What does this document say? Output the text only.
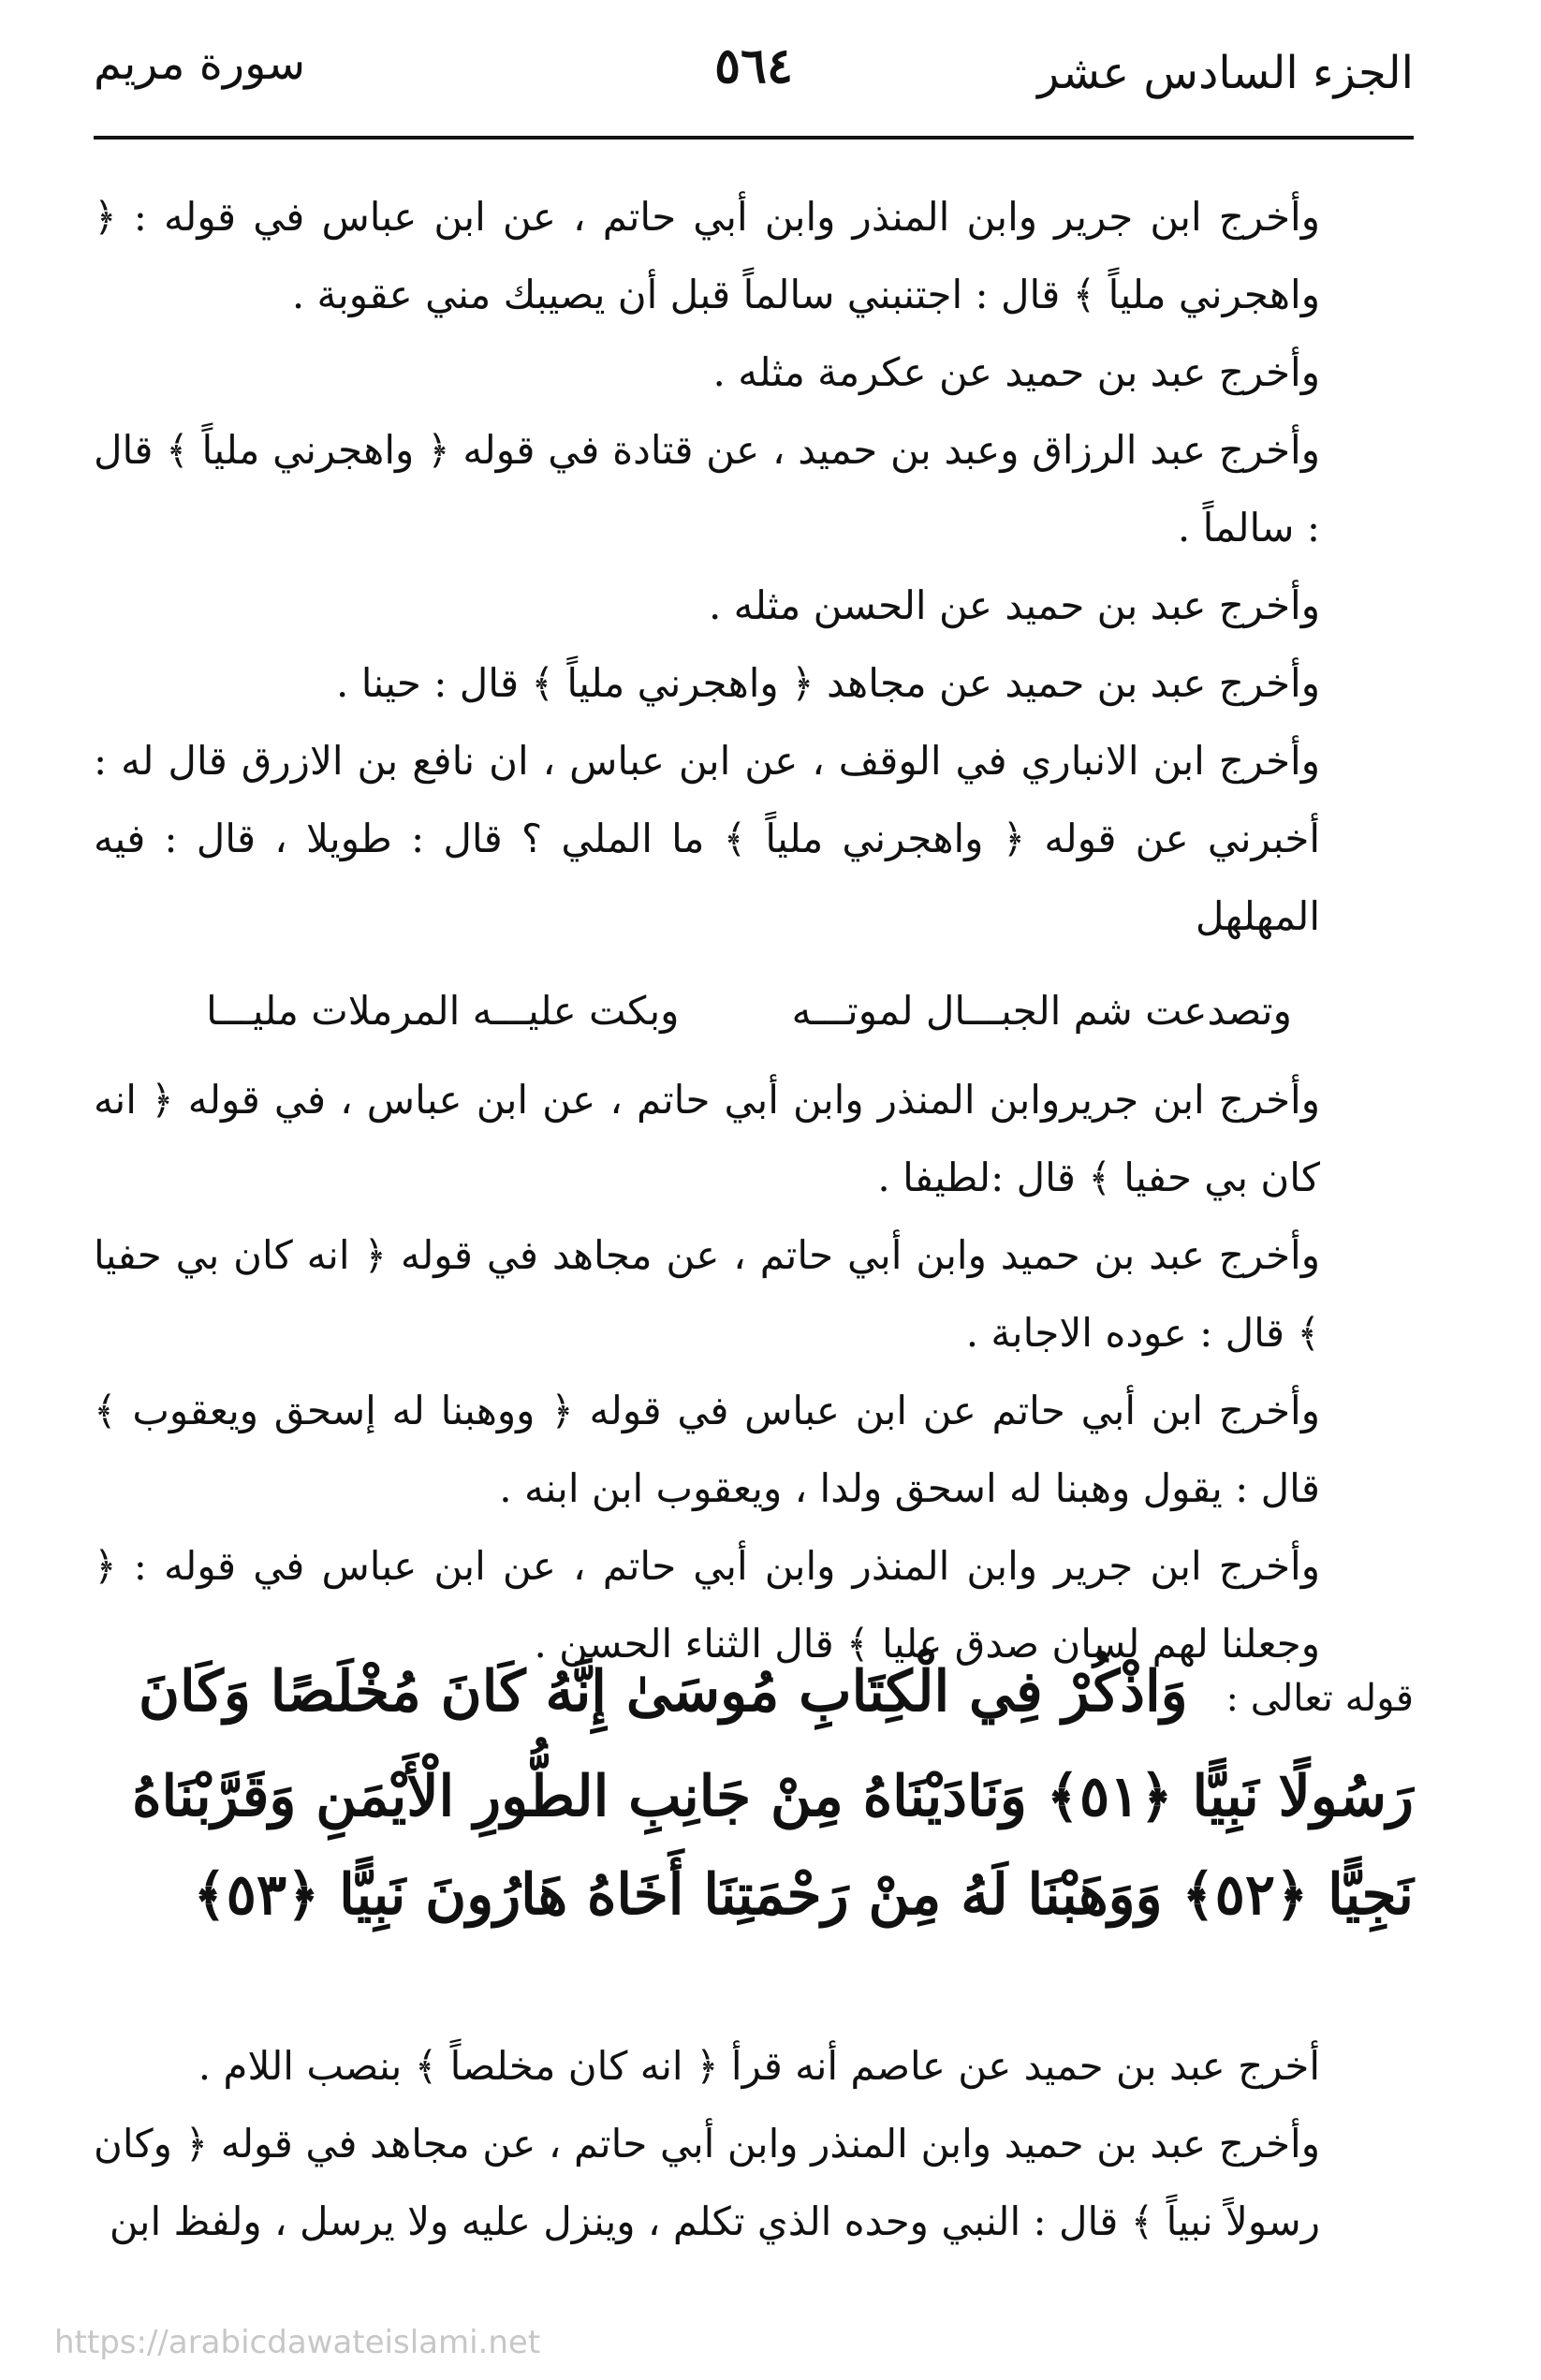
الجزء السادس عشر
٥٦٤
سورة مريم

وأخرج ابن جرير وابن المنذر وابن أبي حاتم ، عن ابن عباس في قوله : ﴿ واهجرني ملياً ﴾ قال : اجتنبني سالماً قبل أن يصيبك مني عقوبة .

وأخرج عبد بن حميد عن عكرمة مثله .

وأخرج عبد الرزاق وعبد بن حميد ، عن قتادة في قوله ﴿ واهجرني ملياً ﴾ قال : سالماً .

وأخرج عبد بن حميد عن الحسن مثله .

وأخرج عبد بن حميد عن مجاهد ﴿ واهجرني ملياً ﴾ قال : حينا .

وأخرج ابن الانباري في الوقف ، عن ابن عباس ، ان نافع بن الازرق قال له : أخبرني عن قوله ﴿ واهجرني ملياً ﴾ ما الملي ؟ قال : طويلا ، قال : فيه المهلهل

وتصدعت شم الجبـــال لموتـــه         وبكت عليـــه المرملات مليـــا

وأخرج ابن جريروابن المنذر وابن أبي حاتم ، عن ابن عباس ، في قوله ﴿ انه كان بي حفيا ﴾ قال :لطيفا .

وأخرج عبد بن حميد وابن أبي حاتم ، عن مجاهد في قوله ﴿ انه كان بي حفيا ﴾ قال : عوده الاجابة .

وأخرج ابن أبي حاتم عن ابن عباس في قوله ﴿ ووهبنا له إسحق ويعقوب ﴾ قال : يقول وهبنا له اسحق ولدا ، ويعقوب ابن ابنه .

وأخرج ابن جرير وابن المنذر وابن أبي حاتم ، عن ابن عباس في قوله : ﴿ وجعلنا لهم لسان صدق عليا ﴾ قال الثناء الحسن .

قوله تعالى : وَاذْكُرْ فِي الْكِتَابِ مُوسَىٰ إِنَّهُ كَانَ مُخْلَصًا وَكَانَ رَسُولًا نَبِيًّا ﴿٥١﴾ وَنَادَيْنَاهُ مِنْ جَانِبِ الطُّورِ الْأَيْمَنِ وَقَرَّبْنَاهُ نَجِيًّا ﴿٥٢﴾ وَوَهَبْنَا لَهُ مِنْ رَحْمَتِنَا أَخَاهُ هَارُونَ نَبِيًّا ﴿٥٣﴾

أخرج عبد بن حميد عن عاصم أنه قرأ ﴿ انه كان مخلصاً ﴾ بنصب اللام .

وأخرج عبد بن حميد وابن المنذر وابن أبي حاتم ، عن مجاهد في قوله ﴿ وكان رسولاً نبياً ﴾ قال : النبي وحده الذي تكلم ، وينزل عليه ولا يرسل ، ولفظ ابن

https://arabicdawateislami.net
